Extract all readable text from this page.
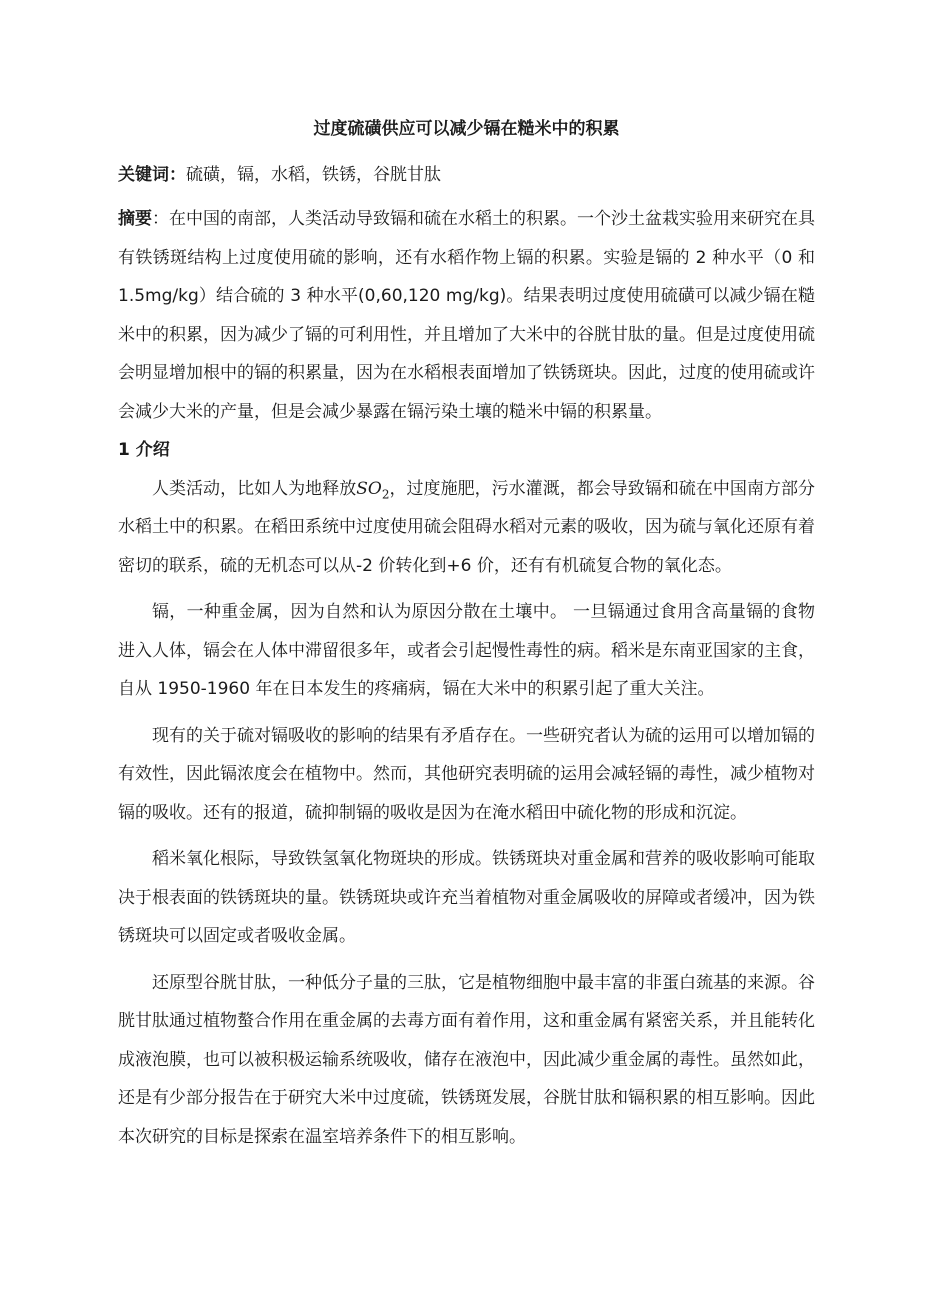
过度硫磺供应可以减少镉在糙米中的积累

关键词：硫磺，镉，水稻，铁锈，谷胱甘肽

摘要：在中国的南部，人类活动导致镉和硫在水稻土的积累。一个沙土盆栽实验用来研究在具有铁锈斑结构上过度使用硫的影响，还有水稻作物上镉的积累。实验是镉的 2 种水平（0 和 1.5mg/kg）结合硫的 3 种水平(0,60,120 mg/kg)。结果表明过度使用硫磺可以减少镉在糙米中的积累，因为减少了镉的可利用性，并且增加了大米中的谷胱甘肽的量。但是过度使用硫会明显增加根中的镉的积累量，因为在水稻根表面增加了铁锈斑块。因此，过度的使用硫或许会减少大米的产量，但是会减少暴露在镉污染土壤的糙米中镉的积累量。

1 介绍

人类活动，比如人为地释放$SO_2$，过度施肥，污水灌溉，都会导致镉和硫在中国南方部分水稻土中的积累。在稻田系统中过度使用硫会阻碍水稻对元素的吸收，因为硫与氧化还原有着密切的联系，硫的无机态可以从-2 价转化到+6 价，还有有机硫复合物的氧化态。

镉，一种重金属，因为自然和认为原因分散在土壤中。 一旦镉通过食用含高量镉的食物进入人体，镉会在人体中滞留很多年，或者会引起慢性毒性的病。稻米是东南亚国家的主食，自从 1950-1960 年在日本发生的疼痛病，镉在大米中的积累引起了重大关注。

现有的关于硫对镉吸收的影响的结果有矛盾存在。一些研究者认为硫的运用可以增加镉的有效性，因此镉浓度会在植物中。然而，其他研究表明硫的运用会减轻镉的毒性，减少植物对镉的吸收。还有的报道，硫抑制镉的吸收是因为在淹水稻田中硫化物的形成和沉淀。

稻米氧化根际，导致铁氢氧化物斑块的形成。铁锈斑块对重金属和营养的吸收影响可能取决于根表面的铁锈斑块的量。铁锈斑块或许充当着植物对重金属吸收的屏障或者缓冲，因为铁锈斑块可以固定或者吸收金属。

还原型谷胱甘肽，一种低分子量的三肽，它是植物细胞中最丰富的非蛋白巯基的来源。谷胱甘肽通过植物螯合作用在重金属的去毒方面有着作用，这和重金属有紧密关系，并且能转化成液泡膜，也可以被积极运输系统吸收，储存在液泡中，因此减少重金属的毒性。虽然如此，还是有少部分报告在于研究大米中过度硫，铁锈斑发展，谷胱甘肽和镉积累的相互影响。因此本次研究的目标是探索在温室培养条件下的相互影响。
